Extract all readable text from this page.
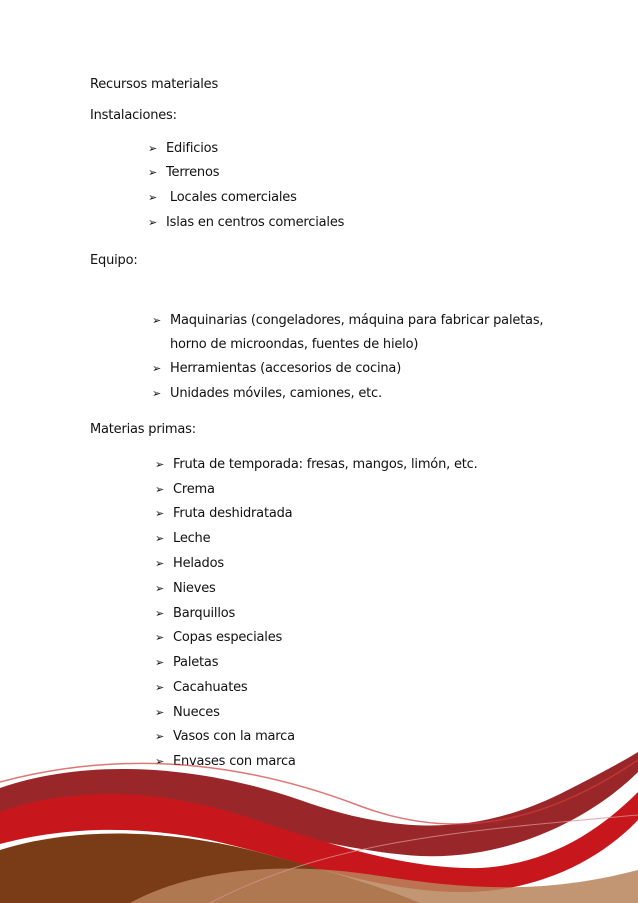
Recursos materiales
Instalaciones:
➢ Edificios
➢ Terrenos
➢ Locales comerciales
➢ Islas en centros comerciales
Equipo:
➢ Maquinarias (congeladores, máquina para fabricar paletas,
horno de microondas, fuentes de hielo)
➢ Herramientas (accesorios de cocina)
➢ Unidades móviles, camiones, etc.
Materias primas:
➢ Fruta de temporada: fresas, mangos, limón, etc.
➢ Crema
➢ Fruta deshidratada
➢ Leche
➢ Helados
➢ Nieves
➢ Barquillos
➢ Copas especiales
➢ Paletas
➢ Cacahuates
➢ Nueces
➢ Vasos con la marca
➢ Envases con marca
